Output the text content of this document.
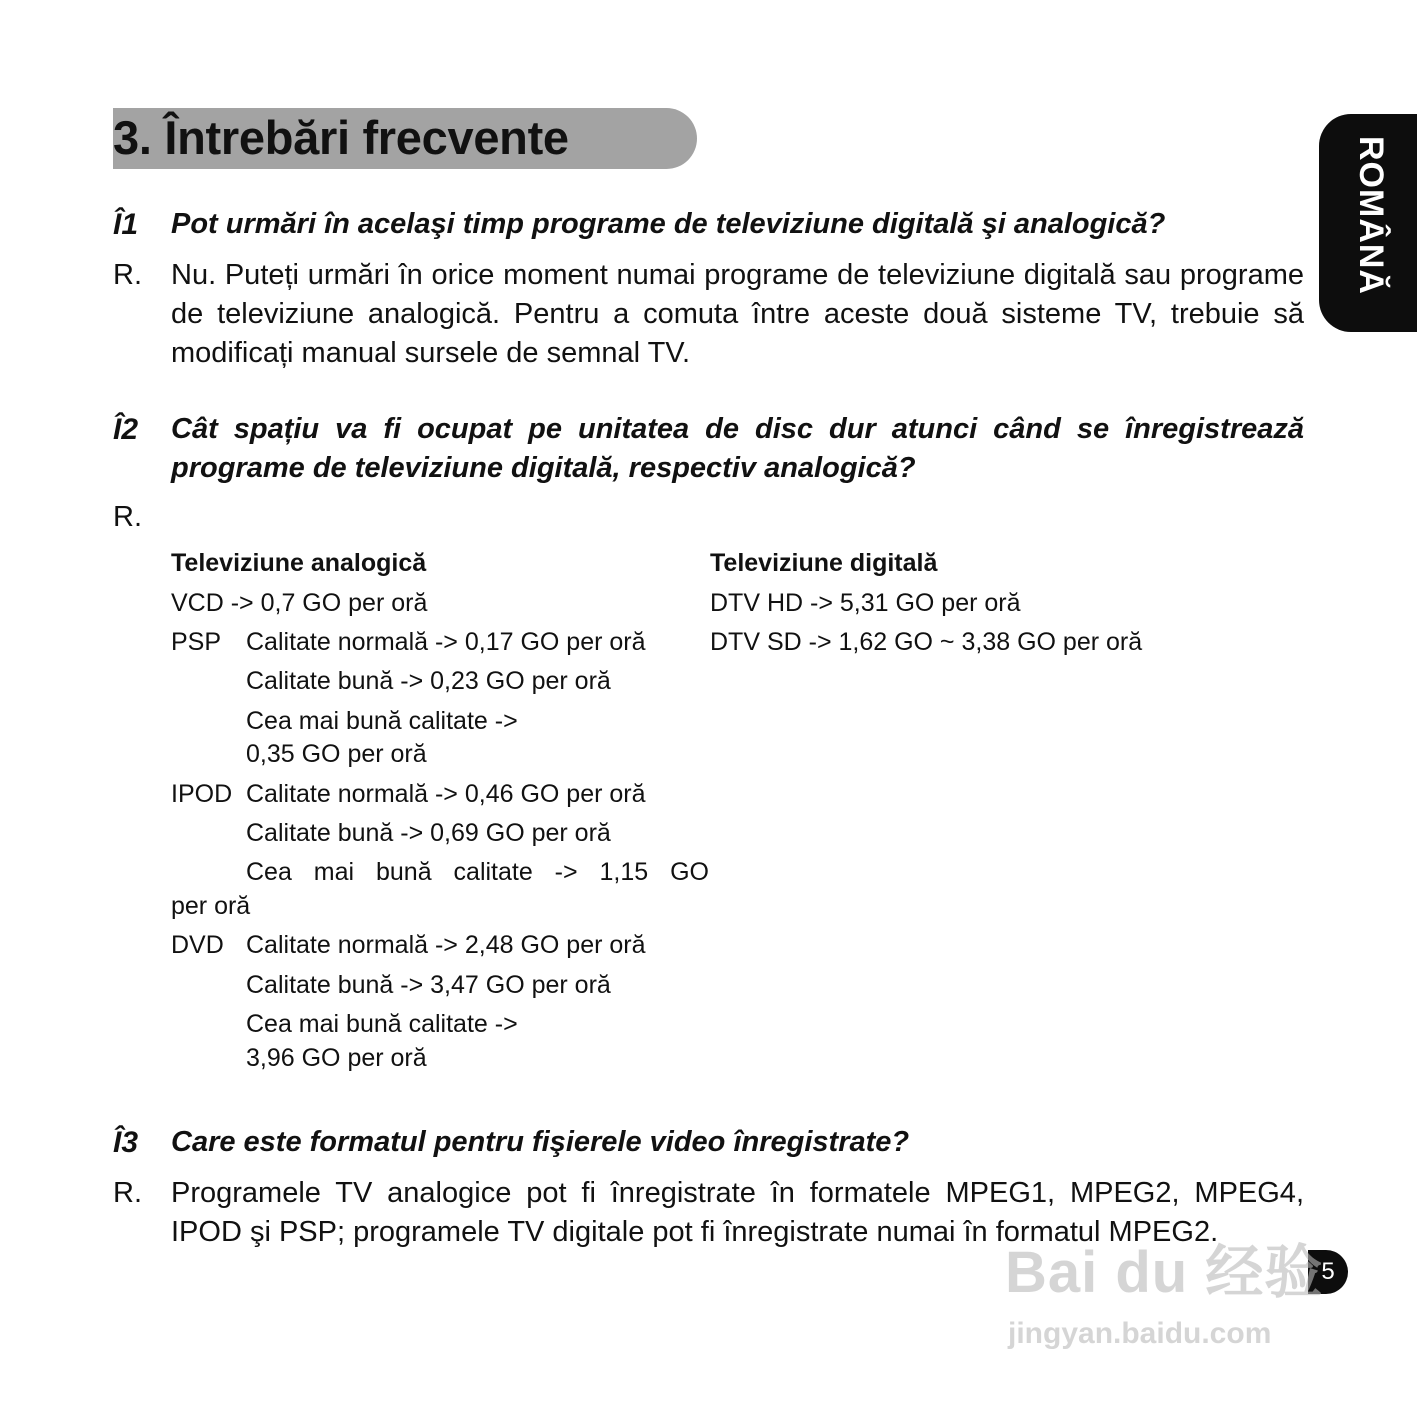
3. Întrebări frecvente	ROMÂNĂ
Î1 Pot urmări în acelaşi timp programe de televiziune digitală şi analogică?
R. Nu. Puteți urmări în orice moment numai programe de televiziune digitală sau programe de televiziune analogică. Pentru a comuta între aceste două sisteme TV, trebuie să modificați manual sursele de semnal TV.
Î2 Cât spațiu va fi ocupat pe unitatea de disc dur atunci când se înregistrează programe de televiziune digitală, respectiv analogică?
R.
Televiziune analogică	Televiziune digitală
VCD -> 0,7 GO per oră	DTV HD -> 5,31 GO per oră
PSP Calitate normală -> 0,17 GO per oră	DTV SD -> 1,62 GO ~ 3,38 GO per oră
Calitate bună -> 0,23 GO per oră
Cea mai bună calitate ->
0,35 GO per oră
IPOD Calitate normală -> 0,46 GO per oră
Calitate bună -> 0,69 GO per oră
Cea mai bună calitate -> 1,15 GO
per oră
DVD Calitate normală -> 2,48 GO per oră
Calitate bună -> 3,47 GO per oră
Cea mai bună calitate ->
3,96 GO per oră
Î3 Care este formatul pentru fişierele video înregistrate?
R. Programele TV analogice pot fi înregistrate în formatele MPEG1, MPEG2, MPEG4, IPOD şi PSP; programele TV digitale pot fi înregistrate numai în formatul MPEG2.
5
Bai du 经验
jingyan.baidu.com
